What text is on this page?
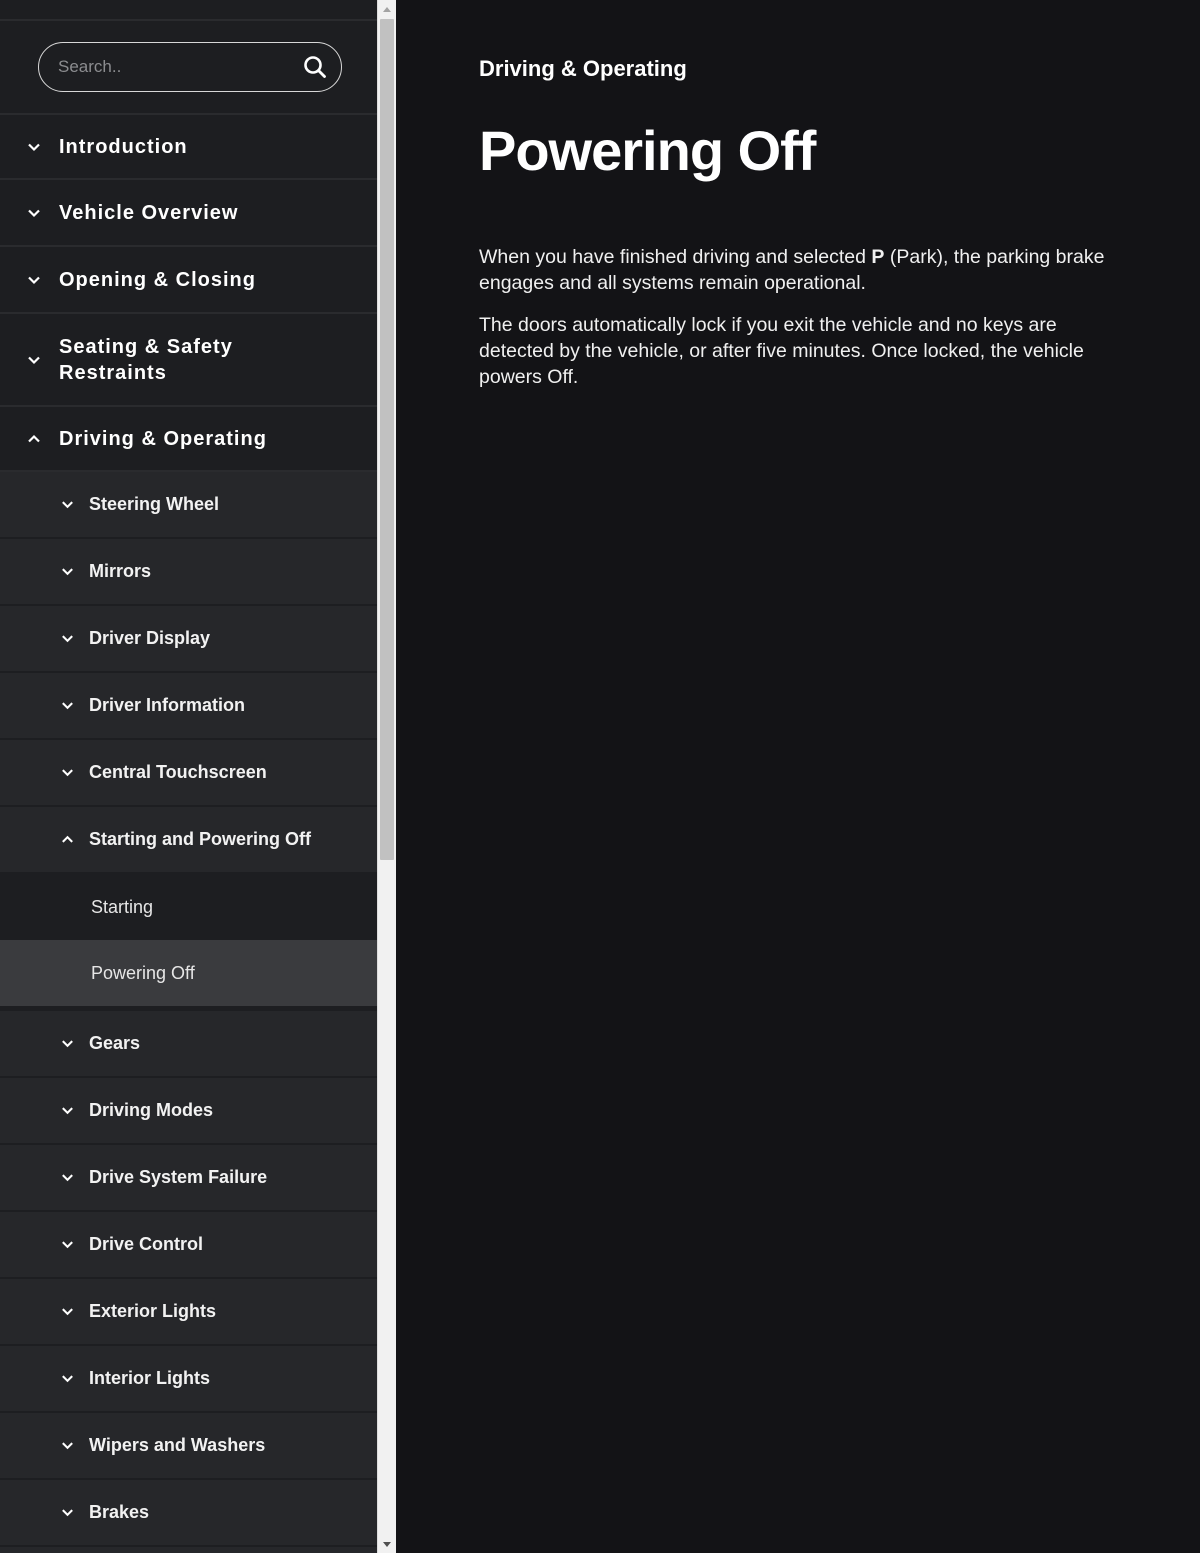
Search..
Introduction
Vehicle Overview
Opening & Closing
Seating & Safety Restraints
Driving & Operating
Steering Wheel
Mirrors
Driver Display
Driver Information
Central Touchscreen
Starting and Powering Off
Starting
Powering Off
Gears
Driving Modes
Drive System Failure
Drive Control
Exterior Lights
Interior Lights
Wipers and Washers
Brakes
Driving & Operating
Powering Off

When you have finished driving and selected P (Park), the parking brake engages and all systems remain operational.

The doors automatically lock if you exit the vehicle and no keys are detected by the vehicle, or after five minutes. Once locked, the vehicle powers Off.
